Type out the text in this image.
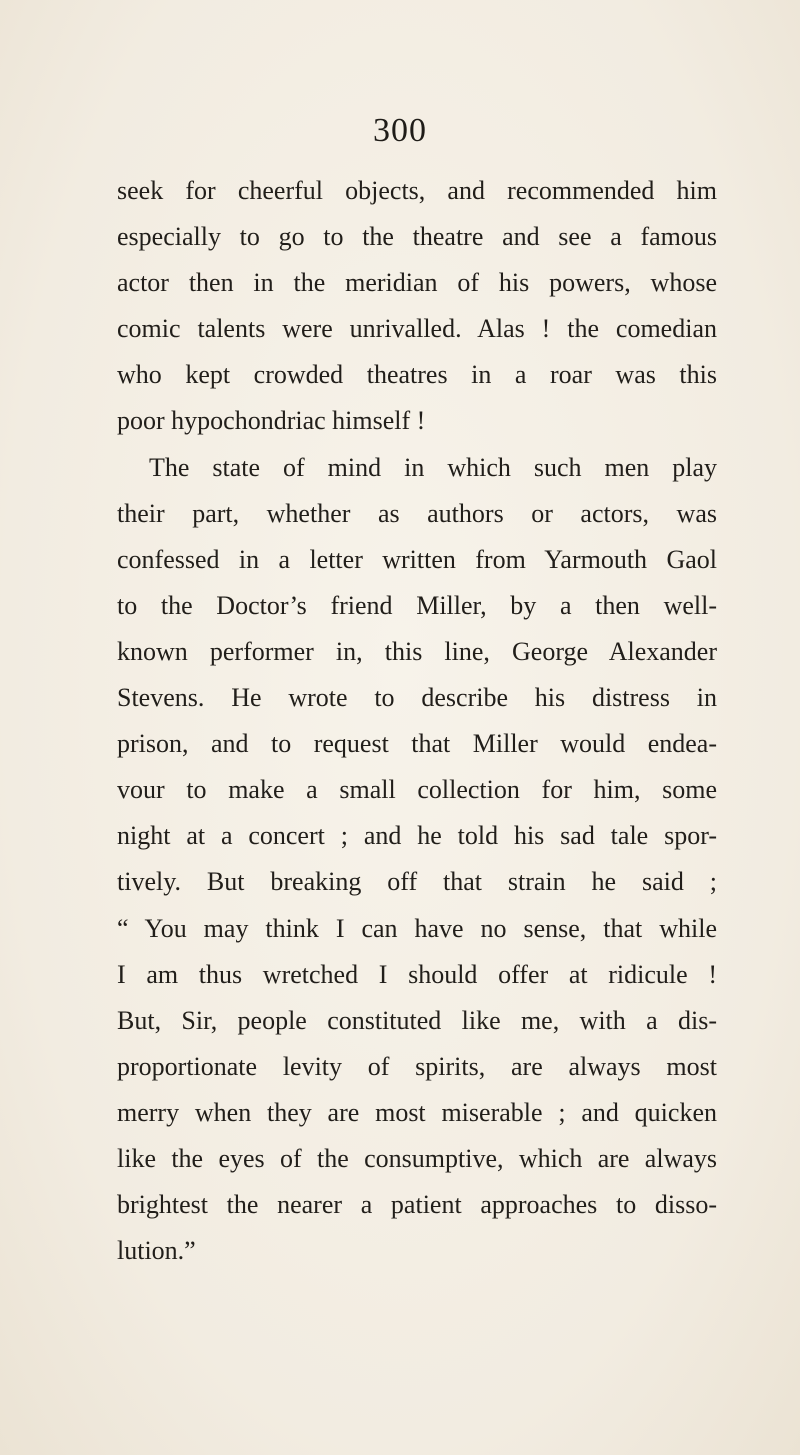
300
seek for cheerful objects, and recommended him
especially to go to the theatre and see a famous
actor then in the meridian of his powers, whose
comic talents were unrivalled. Alas ! the comedian
who kept crowded theatres in a roar was this
poor hypochondriac himself !
The state of mind in which such men play
their part, whether as authors or actors, was
confessed in a letter written from Yarmouth Gaol
to the Doctor’s friend Miller, by a then well-
known performer in, this line, George Alexander
Stevens. He wrote to describe his distress in
prison, and to request that Miller would endea-
vour to make a small collection for him, some
night at a concert ; and he told his sad tale spor-
tively. But breaking off that strain he said ;
“ You may think I can have no sense, that while
I am thus wretched I should offer at ridicule !
But, Sir, people constituted like me, with a dis-
proportionate levity of spirits, are always most
merry when they are most miserable ; and quicken
like the eyes of the consumptive, which are always
brightest the nearer a patient approaches to disso-
lution.”
